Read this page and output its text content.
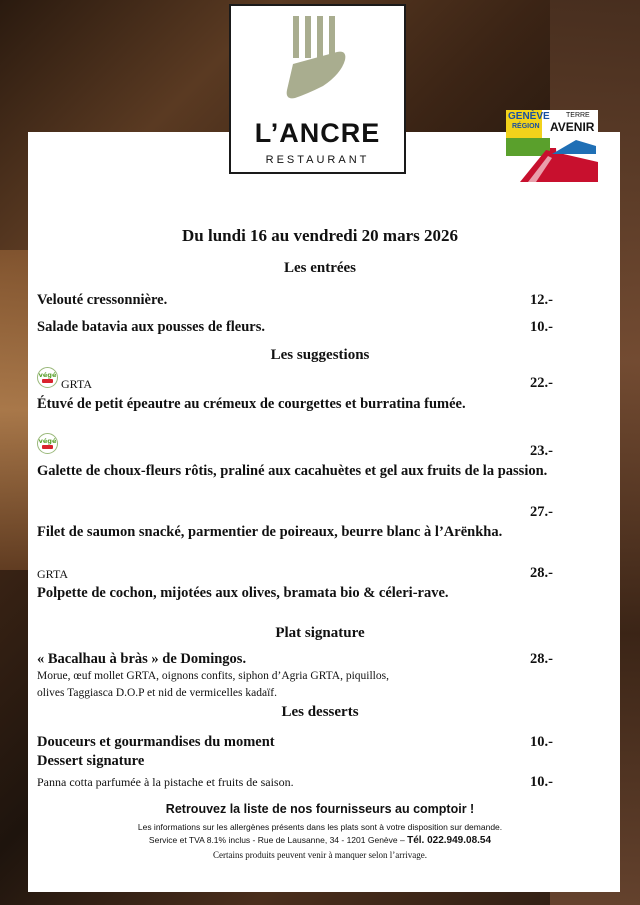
L’ANCRE
RESTAURANT
GENÈVE
RÉGION
TERRE
AVENIR
Du lundi 16 au vendredi 20 mars 2026
Les entrées
Velouté cressonnière.	12.-
Salade batavia aux pousses de fleurs.	10.-
Les suggestions
végé
GRTA	22.-
Étuvé de petit épeautre au crémeux de courgettes et burratina fumée.
végé
23.-
Galette de choux-fleurs rôtis, praliné aux cacahuètes et gel aux fruits de la passion.
27.-
Filet de saumon snacké, parmentier de poireaux, beurre blanc à l’Arënkha.
GRTA	28.-
Polpette de cochon, mijotées aux olives, bramata bio & céleri-rave.
Plat signature
« Bacalhau à bràs » de Domingos.	28.-
Morue, œuf mollet GRTA, oignons confits, siphon d’Agria GRTA, piquillos,
olives Taggiasca D.O.P et nid de vermicelles kadaïf.
Les desserts
Douceurs et gourmandises du moment	10.-
Dessert signature
Panna cotta parfumée à la pistache et fruits de saison.	10.-
Retrouvez la liste de nos fournisseurs au comptoir !
Les informations sur les allergènes présents dans les plats sont à votre disposition sur demande.
Service et TVA 8.1% inclus - Rue de Lausanne, 34 - 1201 Genève – Tél. 022.949.08.54
Certains produits peuvent venir à manquer selon l’arrivage.
